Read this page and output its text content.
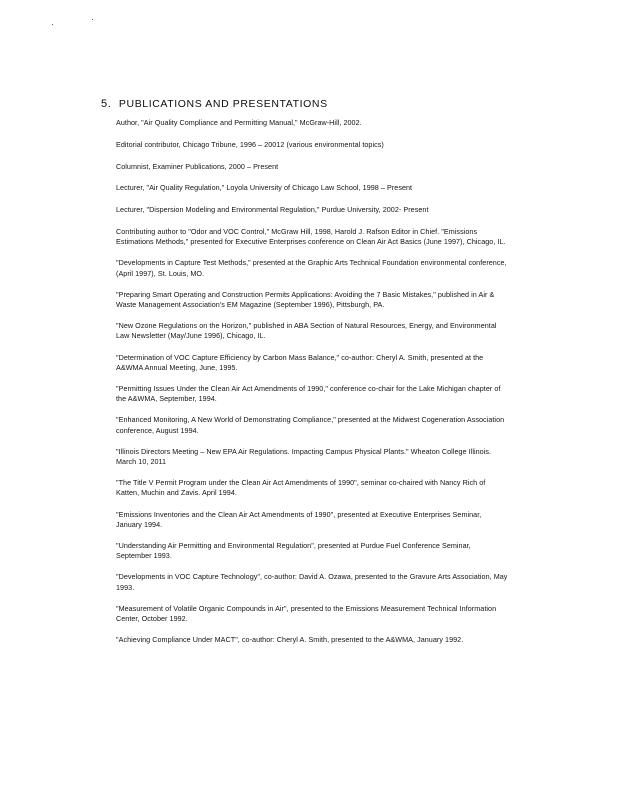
5. PUBLICATIONS AND PRESENTATIONS
Author, "Air Quality Compliance and Permitting Manual," McGraw-Hill, 2002.
Editorial contributor, Chicago Tribune, 1996 – 20012 (various environmental topics)
Columnist, Examiner Publications, 2000 – Present
Lecturer, "Air Quality Regulation," Loyola University of Chicago Law School, 1998 – Present
Lecturer, "Dispersion Modeling and Environmental Regulation," Purdue University, 2002- Present
Contributing author to "Odor and VOC Control," McGraw Hill, 1998, Harold J. Rafson Editor in Chief. "Emissions Estimations Methods," presented for Executive Enterprises conference on Clean Air Act Basics (June 1997), Chicago, IL.
"Developments in Capture Test Methods," presented at the Graphic Arts Technical Foundation environmental conference, (April 1997), St. Louis, MO.
"Preparing Smart Operating and Construction Permits Applications: Avoiding the 7 Basic Mistakes," published in Air & Waste Management Association's EM Magazine (September 1996), Pittsburgh, PA.
"New Ozone Regulations on the Horizon," published in ABA Section of Natural Resources, Energy, and Environmental Law Newsletter (May/June 1996), Chicago, IL.
"Determination of VOC Capture Efficiency by Carbon Mass Balance," co-author: Cheryl A. Smith, presented at the A&WMA Annual Meeting, June, 1995.
"Permitting Issues Under the Clean Air Act Amendments of 1990," conference co-chair for the Lake Michigan chapter of the A&WMA, September, 1994.
"Enhanced Monitoring, A New World of Demonstrating Compliance," presented at the Midwest Cogeneration Association conference, August 1994.
"Illinois Directors Meeting – New EPA Air Regulations. Impacting Campus Physical Plants." Wheaton College Illinois. March 10, 2011
"The Title V Permit Program under the Clean Air Act Amendments of 1990", seminar co-chaired with Nancy Rich of Katten, Muchin and Zavis. April 1994.
"Emissions Inventories and the Clean Air Act Amendments of 1990", presented at Executive Enterprises Seminar, January 1994.
"Understanding Air Permitting and Environmental Regulation", presented at Purdue Fuel Conference Seminar, September 1993.
"Developments in VOC Capture Technology", co-author: David A. Ozawa, presented to the Gravure Arts Association, May 1993.
"Measurement of Volatile Organic Compounds in Air", presented to the Emissions Measurement Technical Information Center, October 1992.
"Achieving Compliance Under MACT", co-author: Cheryl A. Smith, presented to the A&WMA, January 1992.
